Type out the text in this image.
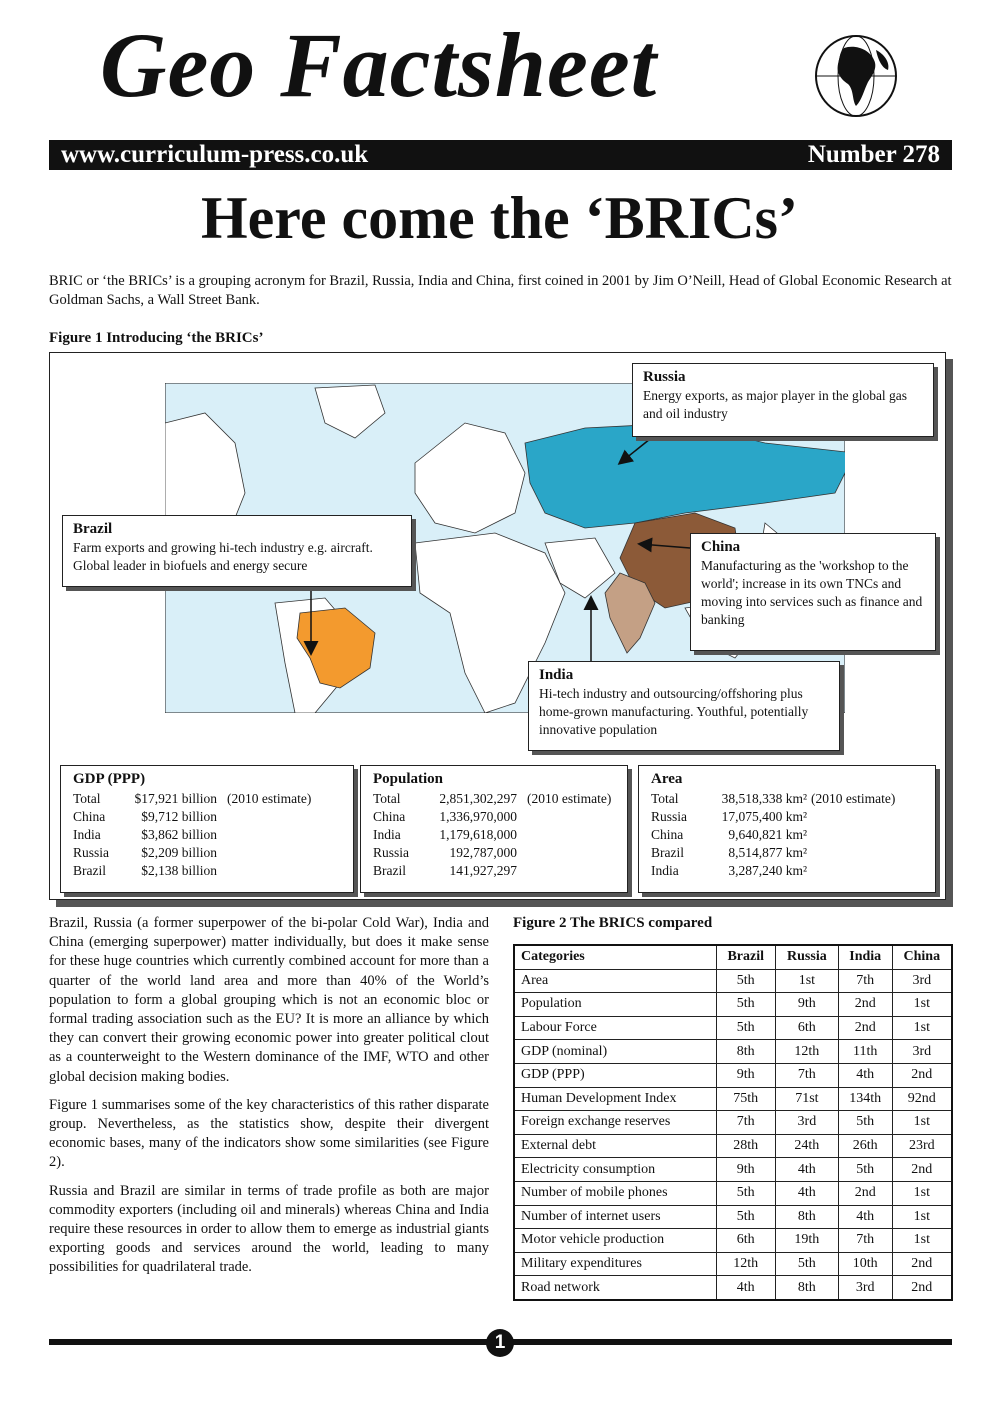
Geo Factsheet
www.curriculum-press.co.uk	Number 278
Here come the ‘BRICs’
BRIC or ‘the BRICs’ is a grouping acronym for Brazil, Russia, India and China, first coined in 2001 by Jim O’Neill, Head of Global Economic Research at Goldman Sachs, a Wall Street Bank.
Figure 1 Introducing ‘the BRICs’
Russia
Energy exports, as major player in the global gas and oil industry
Brazil
Farm exports and growing hi-tech industry e.g. aircraft. Global leader in biofuels and energy secure
China
Manufacturing as the 'workshop to the world'; increase in its own TNCs and moving into services such as finance and banking
India
Hi-tech industry and outsourcing/offshoring plus home-grown manufacturing. Youthful, potentially innovative population
GDP (PPP)
Total	$17,921 billion (2010 estimate)
China	$9,712 billion
India	$3,862 billion
Russia	$2,209 billion
Brazil	$2,138 billion
Population
Total	2,851,302,297 (2010 estimate)
China	1,336,970,000
India	1,179,618,000
Russia	192,787,000
Brazil	141,927,297
Area
Total	38,518,338 km² (2010 estimate)
Russia	17,075,400 km²
China	9,640,821 km²
Brazil	8,514,877 km²
India	3,287,240 km²

Brazil, Russia (a former superpower of the bi-polar Cold War), India and China (emerging superpower) matter individually, but does it make sense for these huge countries which currently combined account for more than a quarter of the world land area and more than 40% of the World’s population to form a global grouping which is not an economic bloc or formal trading association such as the EU? It is more an alliance by which they can convert their growing economic power into greater political clout as a counterweight to the Western dominance of the IMF, WTO and other global decision making bodies.

Figure 1 summarises some of the key characteristics of this rather disparate group. Nevertheless, as the statistics show, despite their divergent economic bases, many of the indicators show some similarities (see Figure 2).

Russia and Brazil are similar in terms of trade profile as both are major commodity exporters (including oil and minerals) whereas China and India require these resources in order to allow them to emerge as industrial giants exporting goods and services around the world, leading to many possibilities for quadrilateral trade.

Figure 2 The BRICS compared
Categories	Brazil	Russia	India	China
Area	5th	1st	7th	3rd
Population	5th	9th	2nd	1st
Labour Force	5th	6th	2nd	1st
GDP (nominal)	8th	12th	11th	3rd
GDP (PPP)	9th	7th	4th	2nd
Human Development Index	75th	71st	134th	92nd
Foreign exchange reserves	7th	3rd	5th	1st
External debt	28th	24th	26th	23rd
Electricity consumption	9th	4th	5th	2nd
Number of mobile phones	5th	4th	2nd	1st
Number of internet users	5th	8th	4th	1st
Motor vehicle production	6th	19th	7th	1st
Military expenditures	12th	5th	10th	2nd
Road network	4th	8th	3rd	2nd
1
